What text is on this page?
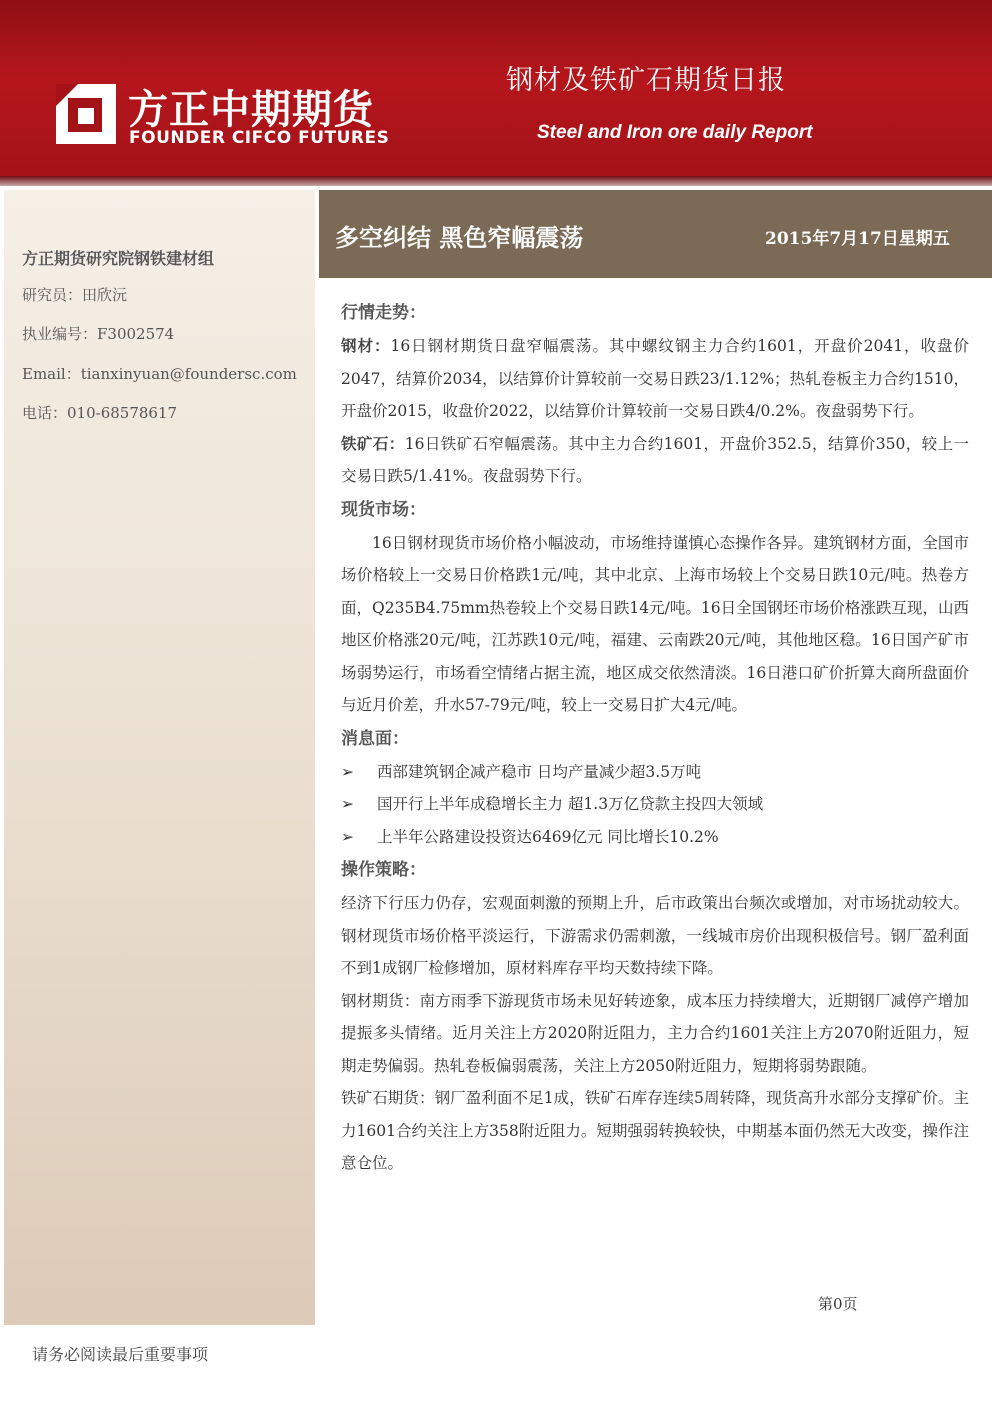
方正中期期货
FOUNDER CIFCO FUTURES
钢材及铁矿石期货日报
Steel and Iron ore daily Report
方正期货研究院钢铁建材组
研究员：田欣沅
执业编号：F3002574
Email：tianxinyuan@foundersc.com
电话：010-68578617
多空纠结 黑色窄幅震荡	2015年7月17日星期五
行情走势：

钢材：16日钢材期货日盘窄幅震荡。其中螺纹钢主力合约1601，开盘价2041，收盘价2047，结算价2034，以结算价计算较前一交易日跌23/1.12%；热轧卷板主力合约1510，开盘价2015，收盘价2022，以结算价计算较前一交易日跌4/0.2%。夜盘弱势下行。

铁矿石：16日铁矿石窄幅震荡。其中主力合约1601，开盘价352.5，结算价350，较上一交易日跌5/1.41%。夜盘弱势下行。

现货市场：

16日钢材现货市场价格小幅波动，市场维持谨慎心态操作各异。建筑钢材方面，全国市场价格较上一交易日价格跌1元/吨，其中北京、上海市场较上个交易日跌10元/吨。热卷方面，Q235B4.75mm热卷较上个交易日跌14元/吨。16日全国钢坯市场价格涨跌互现，山西地区价格涨20元/吨，江苏跌10元/吨，福建、云南跌20元/吨，其他地区稳。16日国产矿市场弱势运行，市场看空情绪占据主流，地区成交依然清淡。16日港口矿价折算大商所盘面价与近月价差，升水57-79元/吨，较上一交易日扩大4元/吨。

消息面：

➢ 西部建筑钢企减产稳市 日均产量减少超3.5万吨

➢ 国开行上半年成稳增长主力 超1.3万亿贷款主投四大领域

➢ 上半年公路建设投资达6469亿元 同比增长10.2%

操作策略：

经济下行压力仍存，宏观面刺激的预期上升，后市政策出台频次或增加，对市场扰动较大。钢材现货市场价格平淡运行，下游需求仍需刺激，一线城市房价出现积极信号。钢厂盈利面不到1成钢厂检修增加，原材料库存平均天数持续下降。

钢材期货：南方雨季下游现货市场未见好转迹象，成本压力持续增大，近期钢厂减停产增加提振多头情绪。近月关注上方2020附近阻力，主力合约1601关注上方2070附近阻力，短期走势偏弱。热轧卷板偏弱震荡，关注上方2050附近阻力，短期将弱势跟随。

铁矿石期货：钢厂盈利面不足1成，铁矿石库存连续5周转降，现货高升水部分支撑矿价。主力1601合约关注上方358附近阻力。短期强弱转换较快，中期基本面仍然无大改变，操作注意仓位。

第0页
请务必阅读最后重要事项
